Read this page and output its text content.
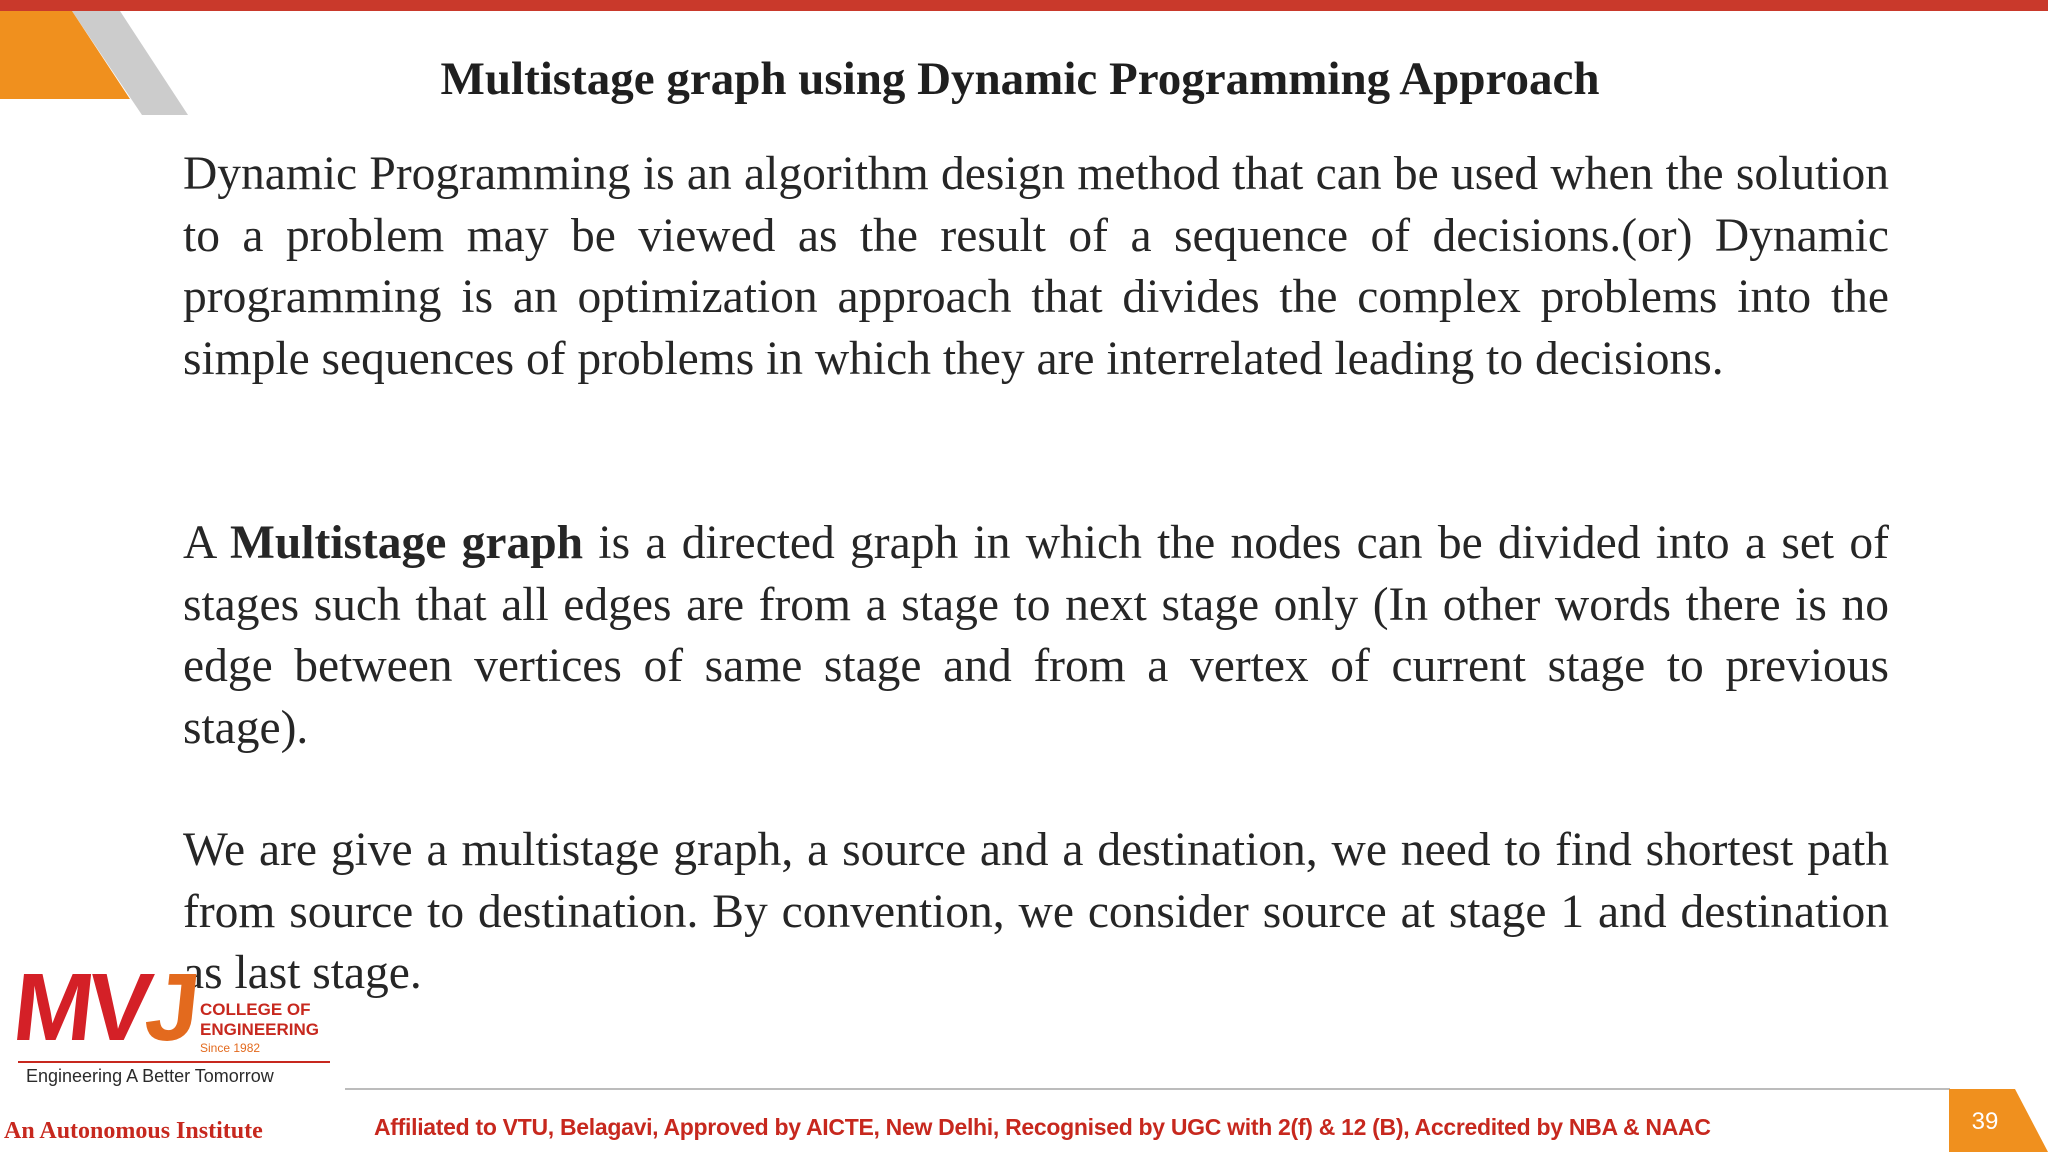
Multistage graph using Dynamic Programming Approach

Dynamic Programming is an algorithm design method that can be used when the solution to a problem may be viewed as the result of a sequence of decisions.(or) Dynamic programming is an optimization approach that divides the complex problems into the simple sequences of problems in which they are interrelated leading to decisions.

A Multistage graph is a directed graph in which the nodes can be divided into a set of stages such that all edges are from a stage to next stage only (In other words there is no edge between vertices of same stage and from a vertex of current stage to previous stage).

We are give a multistage graph, a source and a destination, we need to find shortest path from source to destination. By convention, we consider source at stage 1 and destination as last stage.

MVJ COLLEGE OF
ENGINEERING
Since 1982
Engineering A Better Tomorrow
An Autonomous Institute	Affiliated to VTU, Belagavi, Approved by AICTE, New Delhi, Recognised by UGC with 2(f) & 12 (B), Accredited by NBA & NAAC	39
